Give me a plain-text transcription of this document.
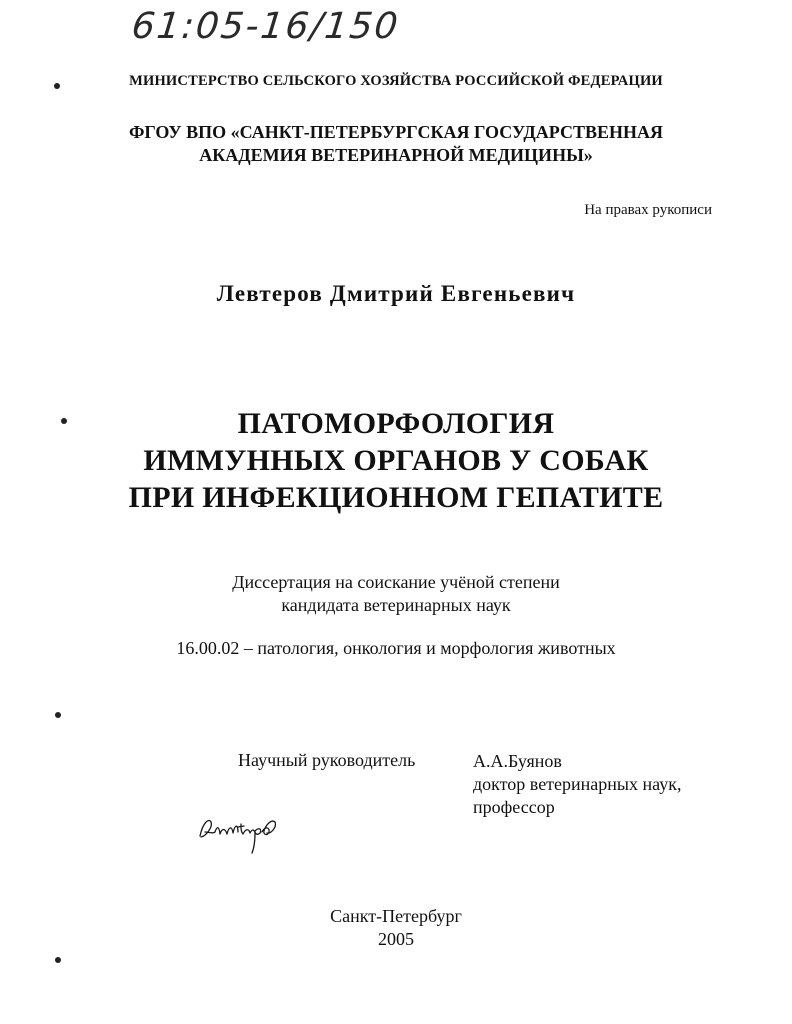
61:05-16/150
МИНИСТЕРСТВО СЕЛЬСКОГО ХОЗЯЙСТВА РОССИЙСКОЙ ФЕДЕРАЦИИ
ФГОУ ВПО «САНКТ-ПЕТЕРБУРГСКАЯ ГОСУДАРСТВЕННАЯ
АКАДЕМИЯ ВЕТЕРИНАРНОЙ МЕДИЦИНЫ»
На правах рукописи
Левтеров Дмитрий Евгеньевич
ПАТОМОРФОЛОГИЯ
ИММУННЫХ ОРГАНОВ У СОБАК
ПРИ ИНФЕКЦИОННОМ ГЕПАТИТЕ
Диссертация на соискание учёной степени
кандидата ветеринарных наук
16.00.02 – патология, онкология и морфология животных
Научный руководитель	А.А.Буянов
доктор ветеринарных наук,
профессор
Санкт-Петербург
2005
